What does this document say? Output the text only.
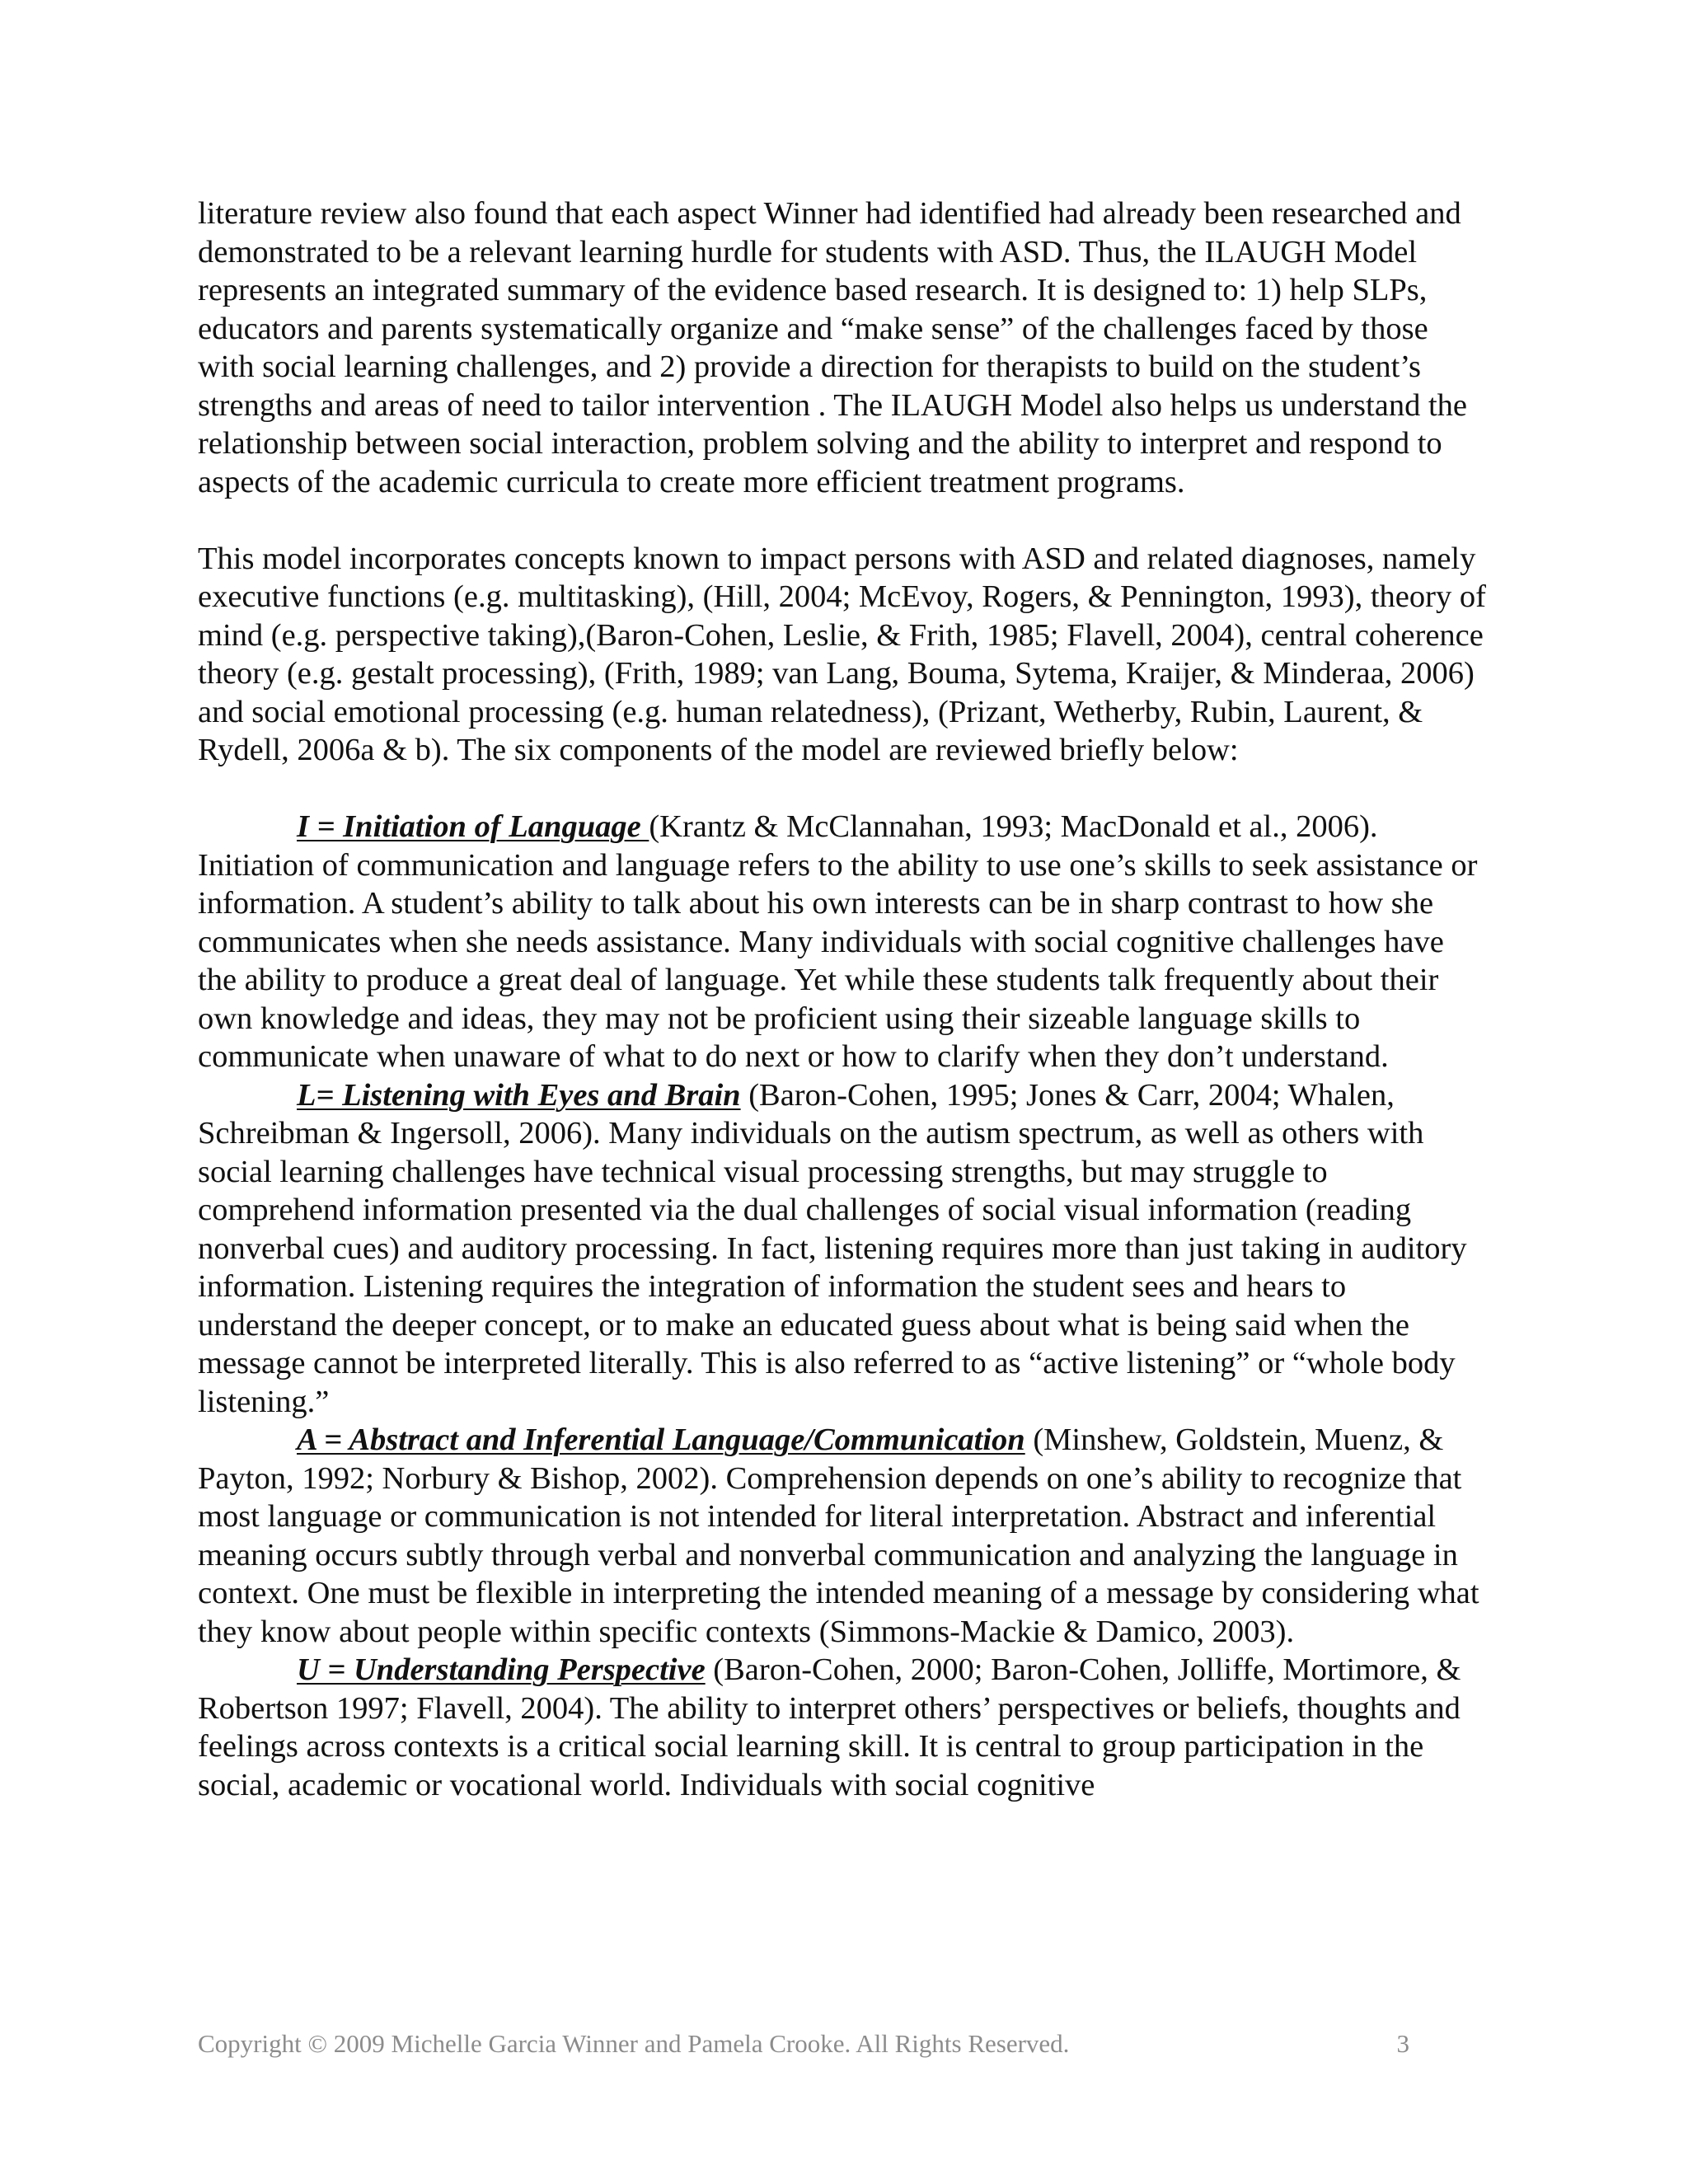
literature review also found that each aspect Winner had identified had already been researched and demonstrated to be a relevant learning hurdle for students with ASD. Thus, the ILAUGH Model represents an integrated summary of the evidence based research. It is designed to: 1) help SLPs, educators and parents systematically organize and “make sense” of the challenges faced by those with social learning challenges, and 2) provide a direction for therapists to build on the student’s strengths and areas of need to tailor intervention . The ILAUGH Model also helps us understand the relationship between social interaction, problem solving and the ability to interpret and respond to aspects of the academic curricula to create more efficient treatment programs.

This model incorporates concepts known to impact persons with ASD and related diagnoses, namely executive functions (e.g. multitasking), (Hill, 2004; McEvoy, Rogers, & Pennington, 1993), theory of mind (e.g. perspective taking),(Baron-Cohen, Leslie, & Frith, 1985; Flavell, 2004), central coherence theory (e.g. gestalt processing), (Frith, 1989; van Lang, Bouma, Sytema, Kraijer, & Minderaa, 2006) and social emotional processing (e.g. human relatedness), (Prizant, Wetherby, Rubin, Laurent, & Rydell, 2006a & b). The six components of the model are reviewed briefly below:

I = Initiation of Language (Krantz & McClannahan, 1993; MacDonald et al., 2006). Initiation of communication and language refers to the ability to use one’s skills to seek assistance or information. A student’s ability to talk about his own interests can be in sharp contrast to how she communicates when she needs assistance. Many individuals with social cognitive challenges have the ability to produce a great deal of language. Yet while these students talk frequently about their own knowledge and ideas, they may not be proficient using their sizeable language skills to communicate when unaware of what to do next or how to clarify when they don’t understand.

L= Listening with Eyes and Brain (Baron-Cohen, 1995; Jones & Carr, 2004; Whalen, Schreibman & Ingersoll, 2006). Many individuals on the autism spectrum, as well as others with social learning challenges have technical visual processing strengths, but may struggle to comprehend information presented via the dual challenges of social visual information (reading nonverbal cues) and auditory processing. In fact, listening requires more than just taking in auditory information. Listening requires the integration of information the student sees and hears to understand the deeper concept, or to make an educated guess about what is being said when the message cannot be interpreted literally. This is also referred to as “active listening” or “whole body listening.”

A = Abstract and Inferential Language/Communication (Minshew, Goldstein, Muenz, & Payton, 1992; Norbury & Bishop, 2002). Comprehension depends on one’s ability to recognize that most language or communication is not intended for literal interpretation. Abstract and inferential meaning occurs subtly through verbal and nonverbal communication and analyzing the language in context. One must be flexible in interpreting the intended meaning of a message by considering what they know about people within specific contexts (Simmons-Mackie & Damico, 2003).

U = Understanding Perspective (Baron-Cohen, 2000; Baron-Cohen, Jolliffe, Mortimore, & Robertson 1997; Flavell, 2004). The ability to interpret others’ perspectives or beliefs, thoughts and feelings across contexts is a critical social learning skill. It is central to group participation in the social, academic or vocational world. Individuals with social cognitive

Copyright © 2009 Michelle Garcia Winner and Pamela Crooke. All Rights Reserved.	3
